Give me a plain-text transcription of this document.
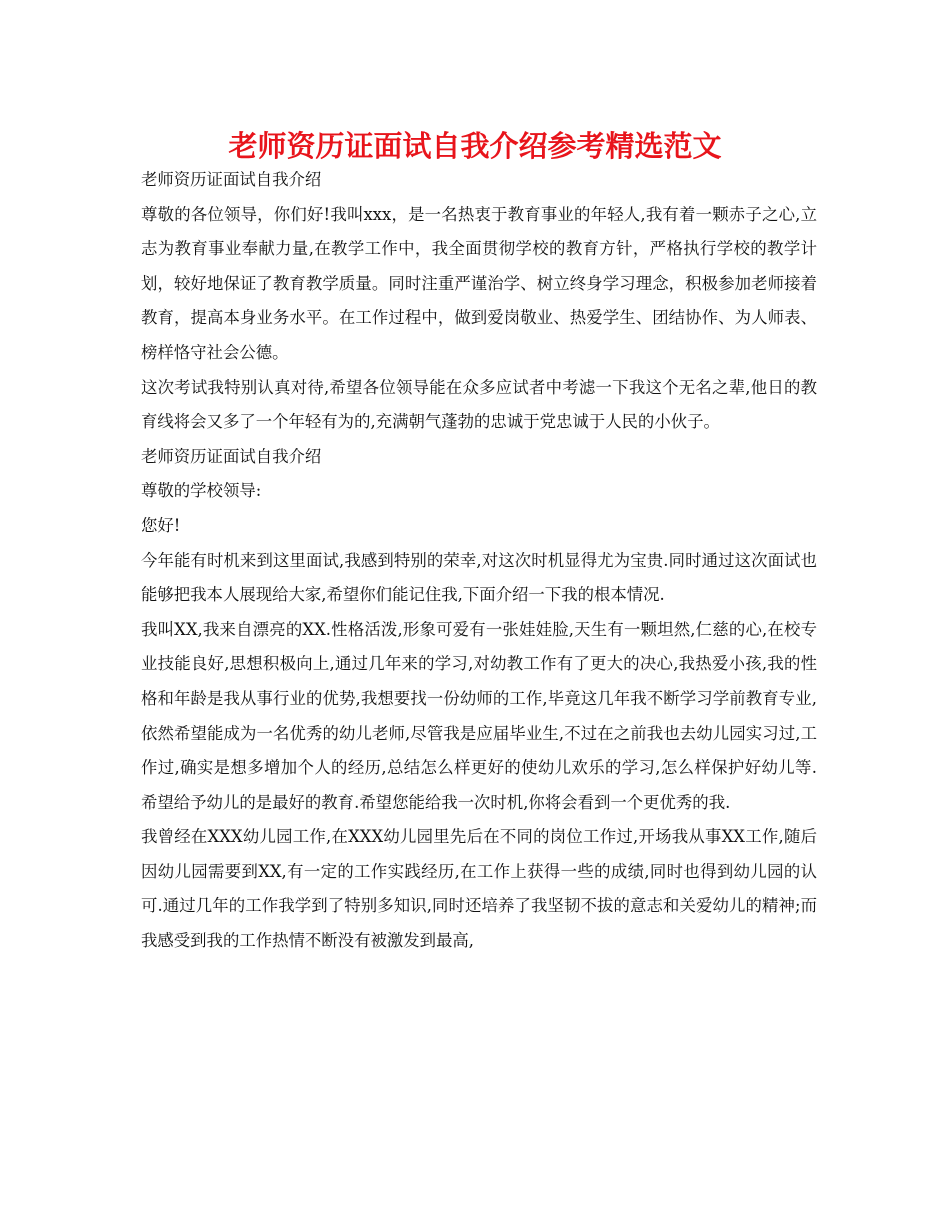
老师资历证面试自我介绍参考精选范文

老师资历证面试自我介绍

尊敬的各位领导，你们好!我叫xxx，是一名热衷于教育事业的年轻人,我有着一颗赤子之心,立志为教育事业奉献力量,在教学工作中，我全面贯彻学校的教育方针，严格执行学校的教学计划，较好地保证了教育教学质量。同时注重严谨治学、树立终身学习理念，积极参加老师接着教育，提高本身业务水平。在工作过程中，做到爱岗敬业、热爱学生、团结协作、为人师表、榜样恪守社会公德。

这次考试我特别认真对待,希望各位领导能在众多应试者中考滤一下我这个无名之辈,他日的教育线将会又多了一个年轻有为的,充满朝气蓬勃的忠诚于党忠诚于人民的小伙子。

老师资历证面试自我介绍

尊敬的学校领导:

您好!

今年能有时机来到这里面试,我感到特别的荣幸,对这次时机显得尤为宝贵.同时通过这次面试也能够把我本人展现给大家,希望你们能记住我,下面介绍一下我的根本情况.

我叫XX,我来自漂亮的XX.性格活泼,形象可爱有一张娃娃脸,天生有一颗坦然,仁慈的心,在校专业技能良好,思想积极向上,通过几年来的学习,对幼教工作有了更大的决心,我热爱小孩,我的性格和年龄是我从事行业的优势,我想要找一份幼师的工作,毕竟这几年我不断学习学前教育专业,依然希望能成为一名优秀的幼儿老师,尽管我是应届毕业生,不过在之前我也去幼儿园实习过,工作过,确实是想多增加个人的经历,总结怎么样更好的使幼儿欢乐的学习,怎么样保护好幼儿等.希望给予幼儿的是最好的教育.希望您能给我一次时机,你将会看到一个更优秀的我.

我曾经在XXX幼儿园工作,在XXX幼儿园里先后在不同的岗位工作过,开场我从事XX工作,随后因幼儿园需要到XX,有一定的工作实践经历,在工作上获得一些的成绩,同时也得到幼儿园的认可.通过几年的工作我学到了特别多知识,同时还培养了我坚韧不拔的意志和关爱幼儿的精神;而我感受到我的工作热情不断没有被激发到最高,
